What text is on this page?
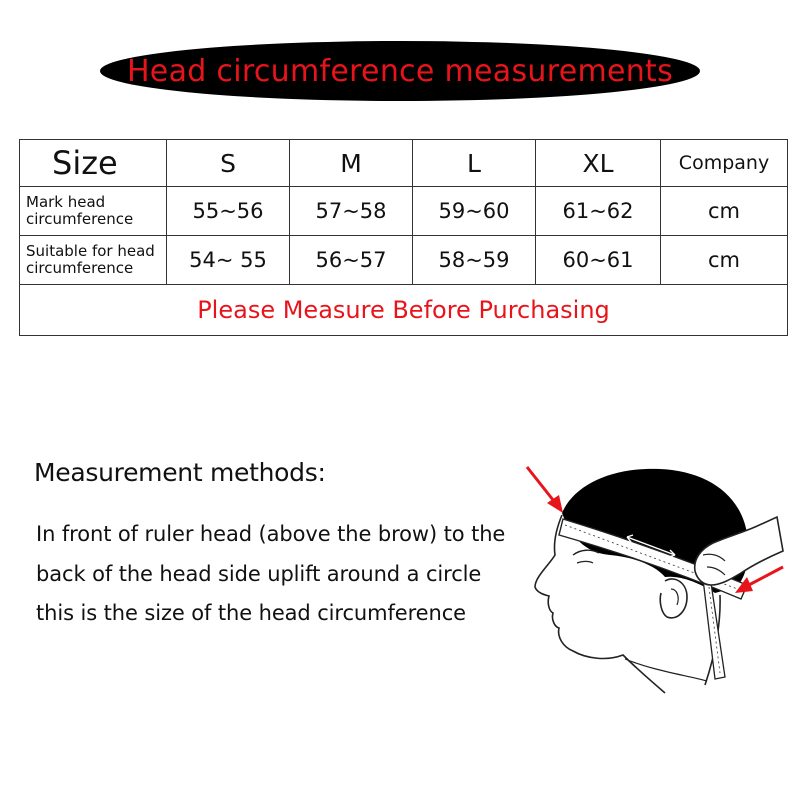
Head circumference measurements
Size	S	M	L	XL	Company

Mark head
circumference	55~56	57~58	59~60	61~62	cm

Suitable for head
circumference	54~ 55	56~57	58~59	60~61	cm
Please Measure Before Purchasing					
Measurement methods:
In front of ruler head (above the brow) to the
back of the head side uplift around a circle
this is the size of the head circumference
